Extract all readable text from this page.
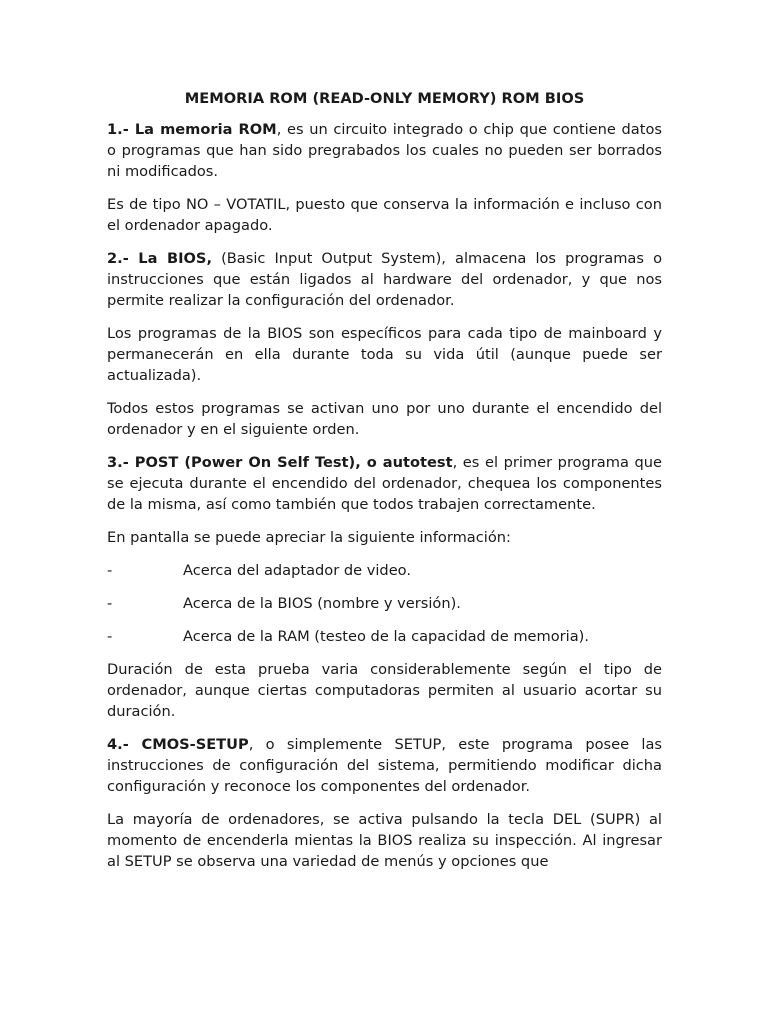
MEMORIA ROM (READ-ONLY MEMORY) ROM BIOS

1.- La memoria ROM, es un circuito integrado o chip que contiene datos o programas que han sido pregrabados los cuales no pueden ser borrados ni modificados.

Es de tipo NO – VOTATIL, puesto que conserva la información e incluso con el ordenador apagado.

2.- La BIOS, (Basic Input Output System), almacena los programas o instrucciones que están ligados al hardware del ordenador, y que nos permite realizar la configuración del ordenador.

Los programas de la BIOS son específicos para cada tipo de mainboard y permanecerán en ella durante toda su vida útil (aunque puede ser actualizada).

Todos estos programas se activan uno por uno durante el encendido del ordenador y en el siguiente orden.

3.- POST (Power On Self Test), o autotest, es el primer programa que se ejecuta durante el encendido del ordenador, chequea los componentes de la misma, así como también que todos trabajen correctamente.

En pantalla se puede apreciar la siguiente información:

-	Acerca del adaptador de video.
-	Acerca de la BIOS (nombre y versión).
-	Acerca de la RAM (testeo de la capacidad de memoria).

Duración de esta prueba varia considerablemente según el tipo de ordenador, aunque ciertas computadoras permiten al usuario acortar su duración.

4.- CMOS-SETUP, o simplemente SETUP, este programa posee las instrucciones de configuración del sistema, permitiendo modificar dicha configuración y reconoce los componentes del ordenador.

La mayoría de ordenadores, se activa pulsando la tecla DEL (SUPR) al momento de encenderla mientas la BIOS realiza su inspección. Al ingresar al SETUP se observa una variedad de menús y opciones que
